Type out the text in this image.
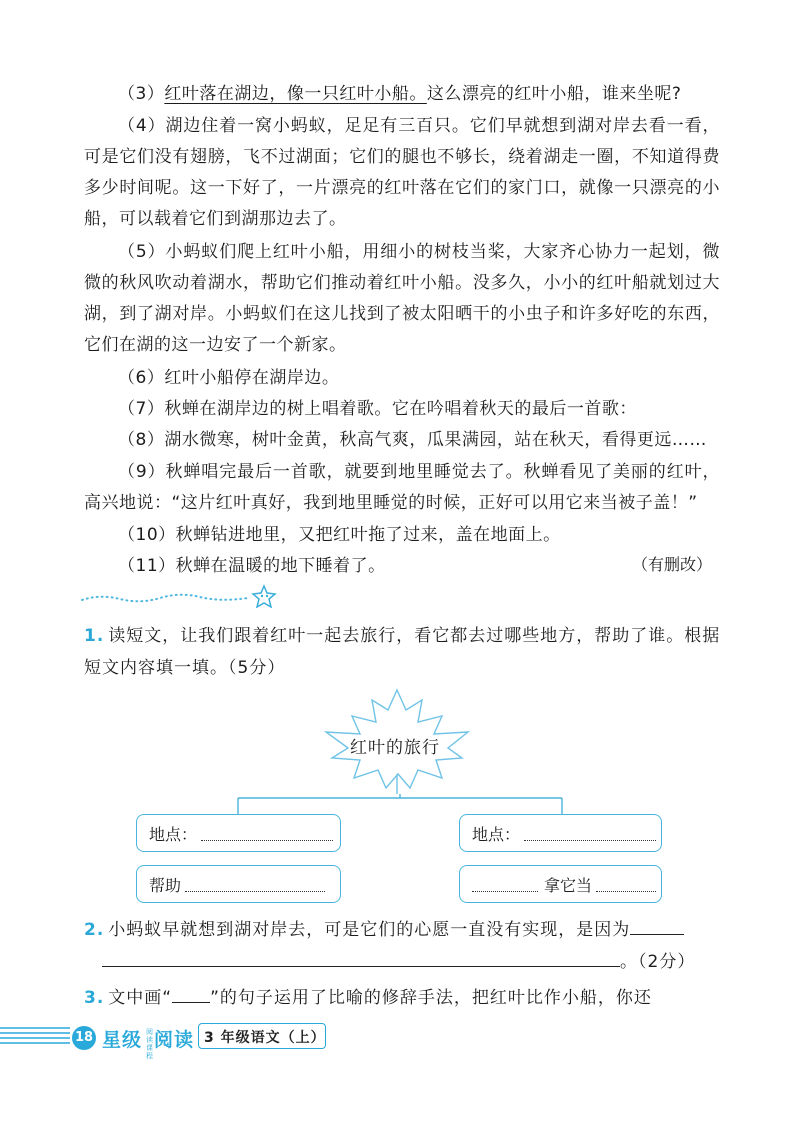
（3）红叶落在湖边，像一只红叶小船。这么漂亮的红叶小船，谁来坐呢?
（4）湖边住着一窝小蚂蚁，足足有三百只。它们早就想到湖对岸去看一看，可是它们没有翅膀，飞不过湖面；它们的腿也不够长，绕着湖走一圈，不知道得费多少时间呢。这一下好了，一片漂亮的红叶落在它们的家门口，就像一只漂亮的小船，可以载着它们到湖那边去了。
（5）小蚂蚁们爬上红叶小船，用细小的树枝当桨，大家齐心协力一起划，微微的秋风吹动着湖水，帮助它们推动着红叶小船。没多久，小小的红叶船就划过大湖，到了湖对岸。小蚂蚁们在这儿找到了被太阳晒干的小虫子和许多好吃的东西，它们在湖的这一边安了一个新家。
（6）红叶小船停在湖岸边。
（7）秋蝉在湖岸边的树上唱着歌。它在吟唱着秋天的最后一首歌：
（8）湖水微寒，树叶金黄，秋高气爽，瓜果满园，站在秋天，看得更远……
（9）秋蝉唱完最后一首歌，就要到地里睡觉去了。秋蝉看见了美丽的红叶，高兴地说：“这片红叶真好，我到地里睡觉的时候，正好可以用它来当被子盖！”
（10）秋蝉钻进地里，又把红叶拖了过来，盖在地面上。
（11）秋蝉在温暖的地下睡着了。	（有删改）
1. 读短文，让我们跟着红叶一起去旅行，看它都去过哪些地方，帮助了谁。根据短文内容填一填。（5分）
红叶的旅行
地点：
帮助
地点：
拿它当
2. 小蚂蚁早就想到湖对岸去，可是它们的心愿一直没有实现，是因为
。（2分）
3. 文中画“ ”的句子运用了比喻的修辞手法，把红叶比作小船，你还
18 星级 阅读
阅读课程
3 年级语文（上）
